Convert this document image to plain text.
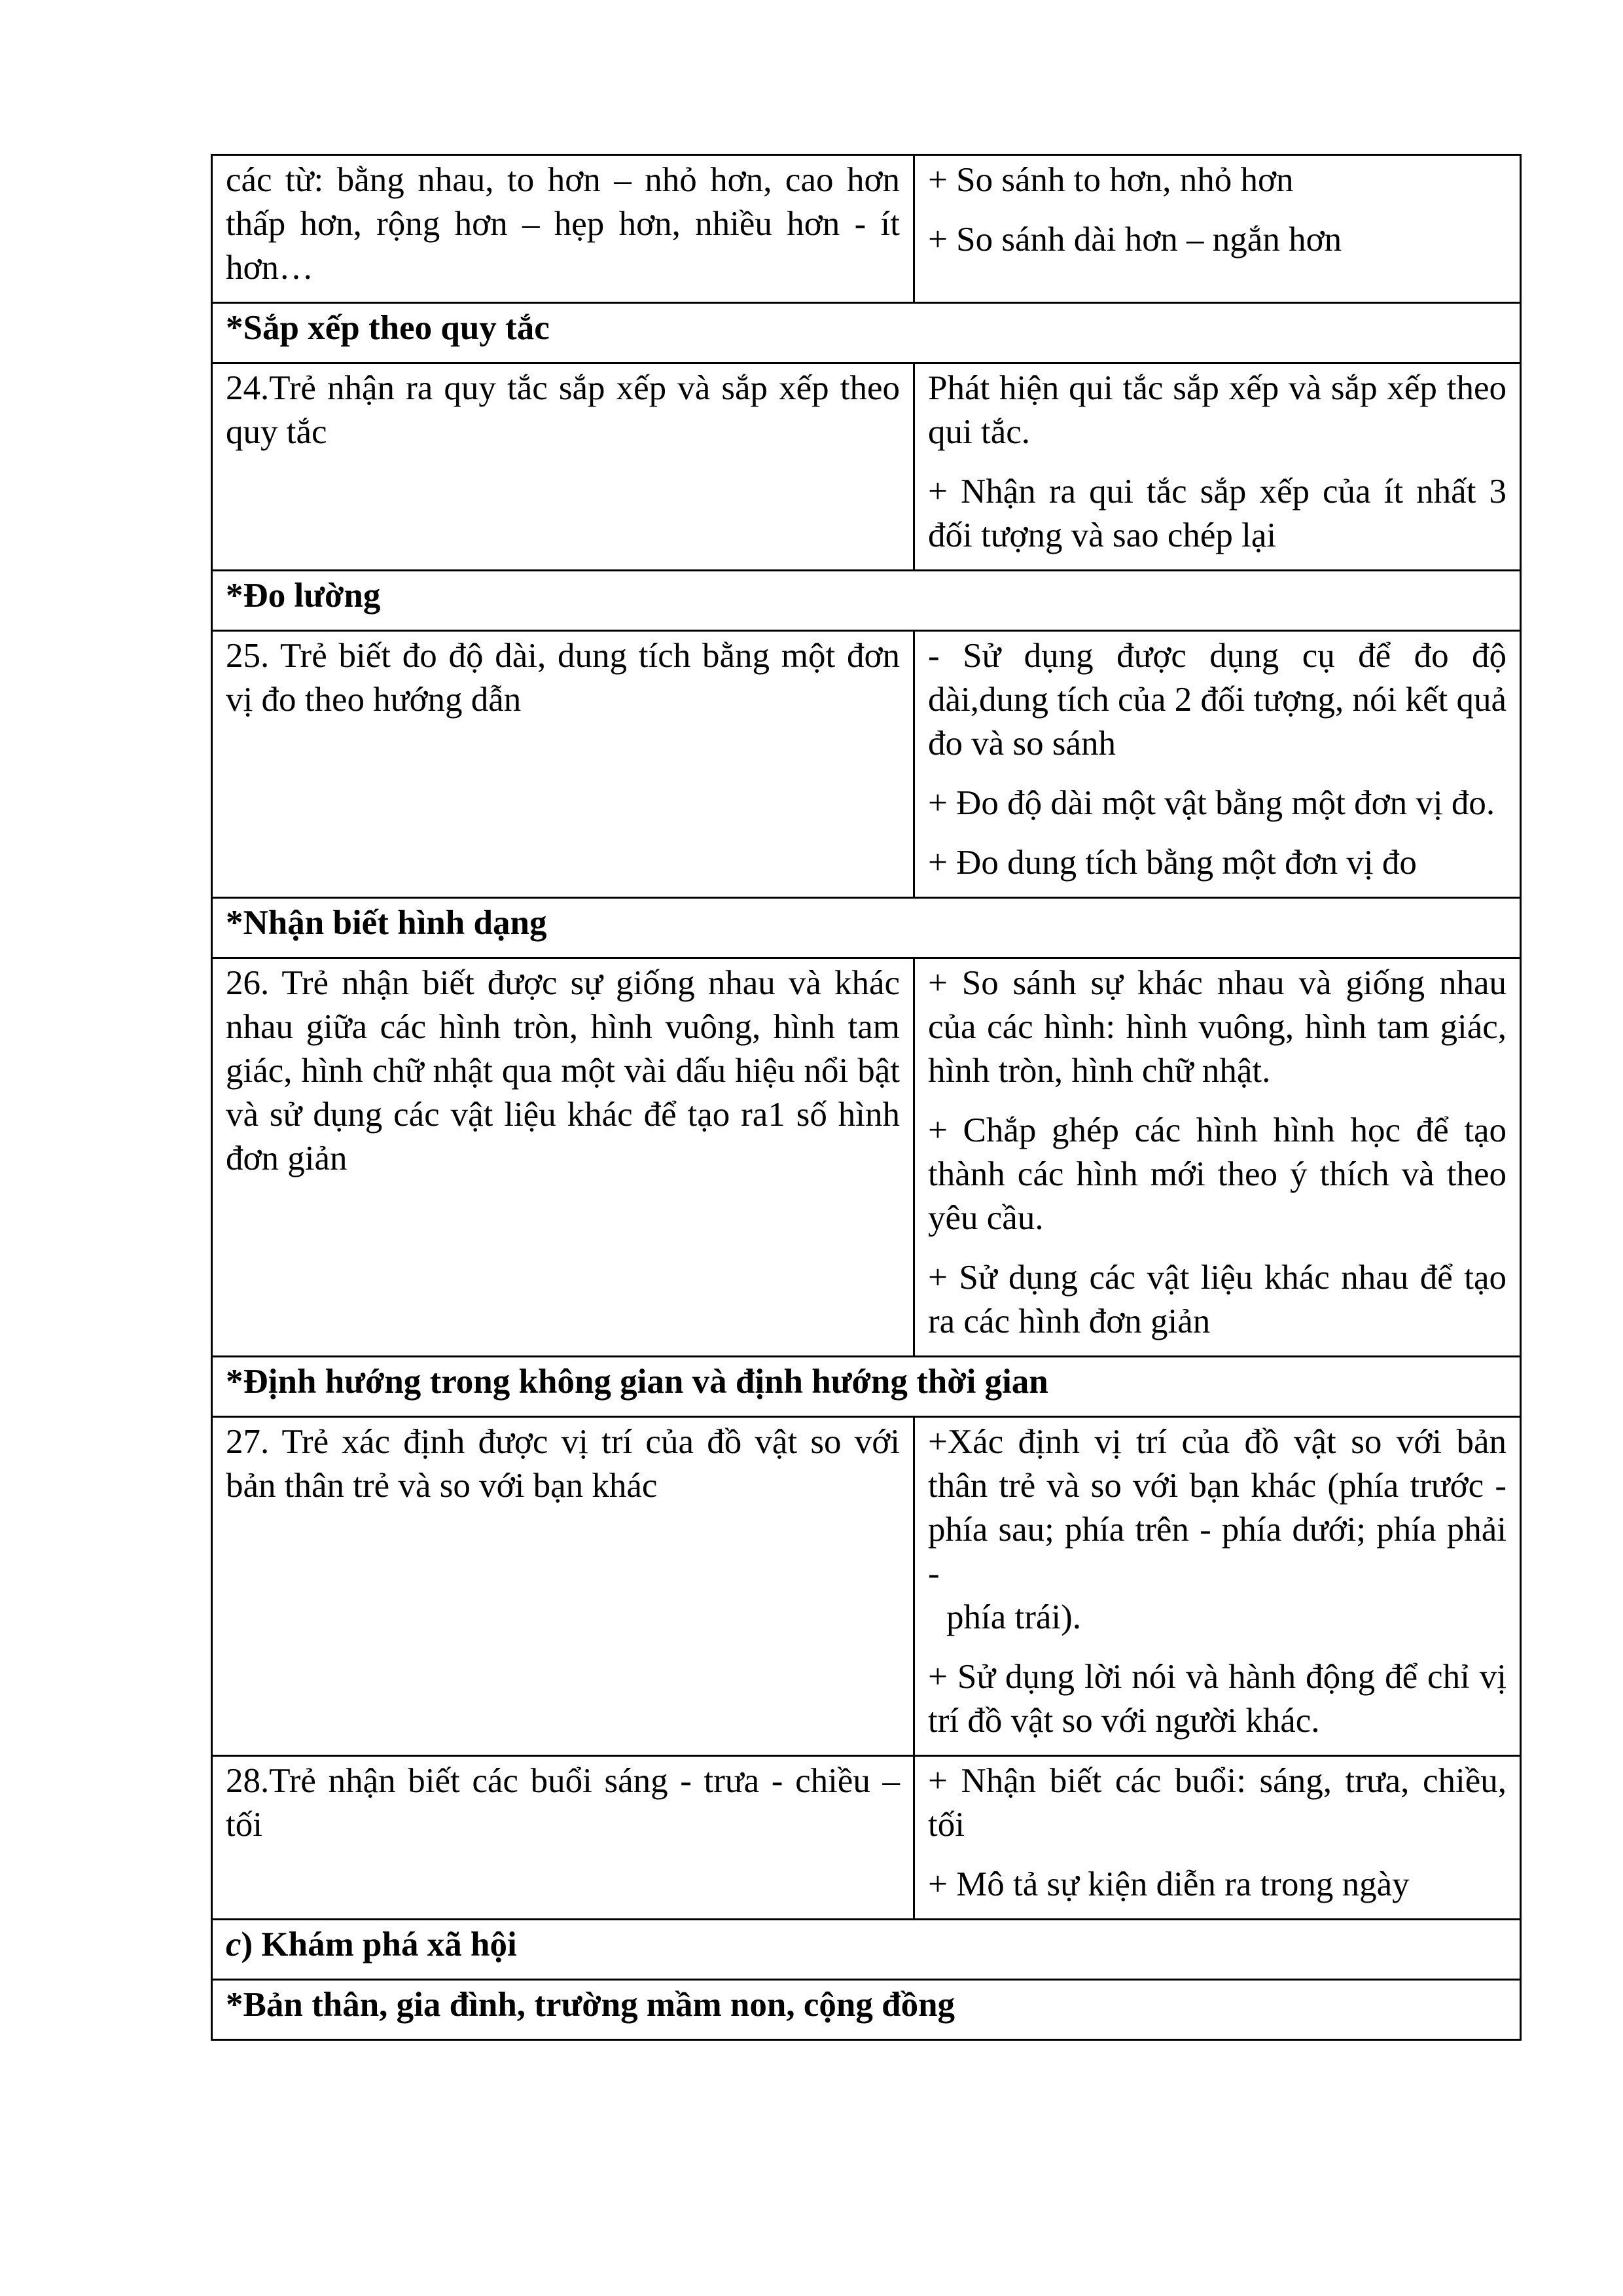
các từ: bằng nhau, to hơn – nhỏ hơn, cao hơn thấp hơn, rộng hơn – hẹp hơn, nhiều hơn - ít hơn…	+ So sánh to hơn, nhỏ hơn
+ So sánh dài hơn – ngắn hơn

*Sắp xếp theo quy tắc	
24.Trẻ nhận ra quy tắc sắp xếp và sắp xếp theo quy tắc	Phát hiện qui tắc sắp xếp và sắp xếp theo qui tắc.
+ Nhận ra qui tắc sắp xếp của ít nhất 3 đối tượng và sao chép lại

*Đo lường	
25. Trẻ biết đo độ dài, dung tích bằng một đơn vị đo theo hướng dẫn	- Sử dụng được dụng cụ để đo độ dài,dung tích của 2 đối tượng, nói kết quả đo và so sánh
+ Đo độ dài một vật bằng một đơn vị đo.
+ Đo dung tích bằng một đơn vị đo

*Nhận biết hình dạng	
26. Trẻ nhận biết được sự giống nhau và khác nhau giữa các hình tròn, hình vuông, hình tam giác, hình chữ nhật qua một vài dấu hiệu nổi bật và sử dụng các vật liệu khác để tạo ra1 số hình đơn giản	+ So sánh sự khác nhau và giống nhau của các hình: hình vuông, hình tam giác, hình tròn, hình chữ nhật.
+ Chắp ghép các hình hình học để tạo thành các hình mới theo ý thích và theo yêu cầu.
+ Sử dụng các vật liệu khác nhau để tạo ra các hình đơn giản

*Định hướng trong không gian và định hướng thời gian	
27. Trẻ xác định được vị trí của đồ vật so với bản thân trẻ và so với bạn khác	+Xác định vị trí của đồ vật so với bản thân trẻ và so với bạn khác (phía trước - phía sau; phía trên - phía dưới; phía phải -
phía trái).
+ Sử dụng lời nói và hành động để chỉ vị trí đồ vật so với người khác.

28.Trẻ nhận biết các buổi sáng - trưa - chiều – tối	+ Nhận biết các buổi: sáng, trưa, chiều, tối
+ Mô tả sự kiện diễn ra trong ngày

c) Khám phá xã hội	
*Bản thân, gia đình, trường mầm non, cộng đồng	
